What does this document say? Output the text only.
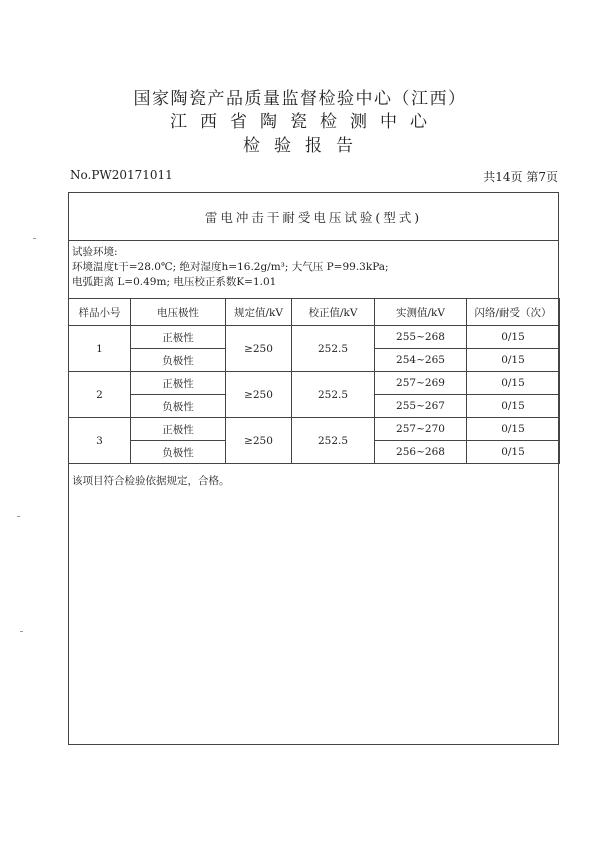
国家陶瓷产品质量监督检验中心（江西）
江西省陶瓷检测中心
检验报告
No.PW20171011	共14页 第7页
雷电冲击干耐受电压试验(型式)
试验环境:
环境温度t干=28.0℃; 绝对湿度h=16.2g/m³; 大气压 P=99.3kPa;
电弧距离 L=0.49m; 电压校正系数K=1.01
样品小号	电压极性	规定值/kV	校正值/kV	实测值/kV	闪络/耐受（次）
1	正极性	≥250	252.5	255~268	0/15
	负极性			254~265	0/15
2	正极性	≥250	252.5	257~269	0/15
	负极性			255~267	0/15
3	正极性	≥250	252.5	257~270	0/15
	负极性			256~268	0/15
该项目符合检验依据规定，合格。
